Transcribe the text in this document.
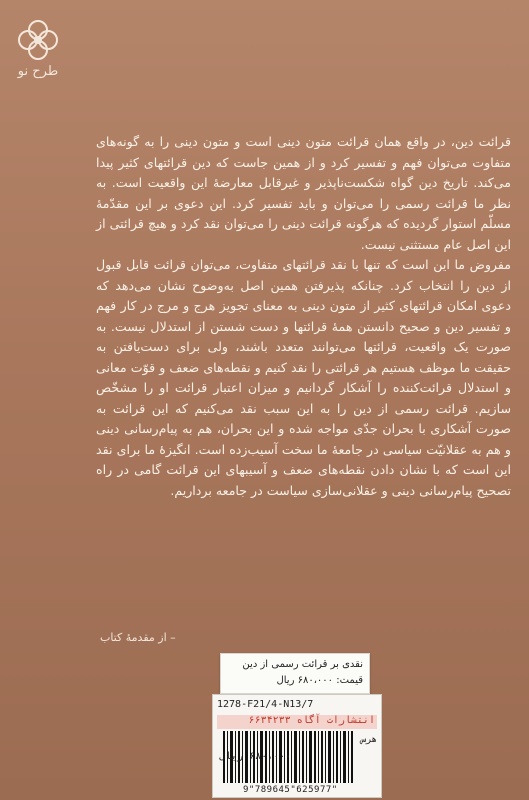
طرح نو

قرائت دین، در واقع همان قرائت متون دینی است و متون دینی را به گونه‌های متفاوت می‌توان فهم و تفسیر کرد و از همین جاست که دین قرائتهای کثیر پیدا می‌کند. تاریخ دین گواه شکست‌ناپذیر و غیرقابل معارضهٔ این واقعیت است. به نظر ما قرائت رسمی را می‌توان و باید تفسیر کرد. این دعوی بر این مقدّمهٔ مسلّم استوار گردیده که هرگونه قرائت دینی را می‌توان نقد کرد و هیچ قرائتی از این اصل عام مستثنی نیست.

مفروض ما این است که تنها با نقد قرائتهای متفاوت، می‌توان قرائت قابل قبول از دین را انتخاب کرد. چنانکه پذیرفتن همین اصل به‌وضوح نشان می‌دهد که دعوی امکان قرائتهای کثیر از متون دینی به معنای تجویز هرج و مرج در کار فهم و تفسیر دین و صحیح دانستن همهٔ قرائتها و دست شستن از استدلال نیست. به صورت یک واقعیت، قرائتها می‌توانند متعدد باشند، ولی برای دست‌یافتن به حقیقت ما موظف هستیم هر قرائتی را نقد کنیم و نقطه‌های ضعف و قوّت معانی و استدلال قرائت‌کننده را آشکار گردانیم و میزان اعتبار قرائت او را مشخّص سازیم. قرائت رسمی از دین را به این سبب نقد می‌کنیم که این قرائت به صورت آشکاری با بحران جدّی مواجه شده و این بحران، هم به پیام‌رسانی دینی و هم به عقلانیّت سیاسی در جامعهٔ ما سخت آسیب‌زده است. انگیزهٔ ما برای نقد این است که با نشان دادن نقطه‌های ضعف و آسیبهای این قرائت گامی در راه تصحیح پیام‌رسانی دینی و عقلانی‌سازی سیاست در جامعه بر‌داریم.

– از مقدمهٔ کتاب
نقدی بر قرائت رسمی از دین
قیمت: ۶۸۰،۰۰۰ ریال
1278-F21/4-N13/7
انتشارات آگاه ۶۶۳۴۲۳۳
هرس
۶۸۰،۰۰۰ ریال
9"789645"625977"
